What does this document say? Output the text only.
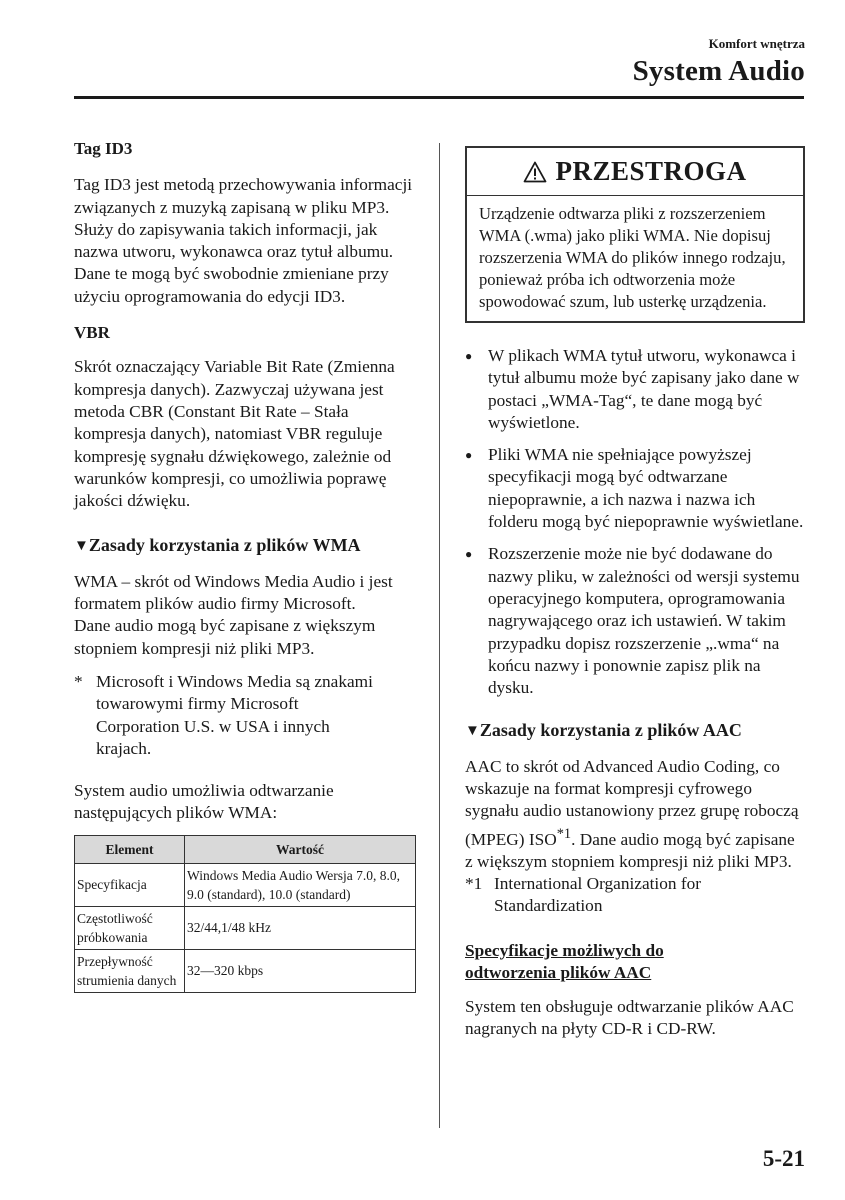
Komfort wnętrza
System Audio

Tag ID3

Tag ID3 jest metodą przechowywania informacji związanych z muzyką zapisaną w pliku MP3. Służy do zapisywania takich informacji, jak nazwa utworu, wykonawca oraz tytuł albumu. Dane te mogą być swobodnie zmieniane przy użyciu oprogramowania do edycji ID3.

VBR

Skrót oznaczający Variable Bit Rate (Zmienna kompresja danych). Zazwyczaj używana jest metoda CBR (Constant Bit Rate – Stała kompresja danych), natomiast VBR reguluje kompresję sygnału dźwiękowego, zależnie od warunków kompresji, co umożliwia poprawę jakości dźwięku.

▼Zasady korzystania z plików WMA

WMA – skrót od Windows Media Audio i jest formatem plików audio firmy Microsoft.

Dane audio mogą być zapisane z większym stopniem kompresji niż pliki MP3.

* Microsoft i Windows Media są znakami towarowymi firmy Microsoft Corporation U.S. w USA i innych krajach.

System audio umożliwia odtwarzanie następujących plików WMA:

Element	Wartość
Specyfikacja	Windows Media Audio Wersja 7.0, 8.0, 9.0 (standard), 10.0 (standard)
Częstotliwość próbkowania	32/44,1/48 kHz
Przepływność strumienia danych	32—320 kbps
PRZESTROGA
Urządzenie odtwarza pliki z rozszerzeniem WMA (.wma) jako pliki WMA. Nie dopisuj rozszerzenia WMA do plików innego rodzaju, ponieważ próba ich odtworzenia może spowodować szum, lub usterkę urządzenia.
● W plikach WMA tytuł utworu, wykonawca i tytuł albumu może być zapisany jako dane w postaci „WMA-Tag“, te dane mogą być wyświetlone.
● Pliki WMA nie spełniające powyższej specyfikacji mogą być odtwarzane niepoprawnie, a ich nazwa i nazwa ich folderu mogą być niepoprawnie wyświetlane.
● Rozszerzenie może nie być dodawane do nazwy pliku, w zależności od wersji systemu operacyjnego komputera, oprogramowania nagrywającego oraz ich ustawień. W takim przypadku dopisz rozszerzenie „.wma“ na końcu nazwy i ponownie zapisz plik na dysku.

▼Zasady korzystania z plików AAC

AAC to skrót od Advanced Audio Coding, co wskazuje na format kompresji cyfrowego sygnału audio ustanowiony przez grupę roboczą (MPEG) ISO$^{*1}$. Dane audio mogą być zapisane z większym stopniem kompresji niż pliki MP3.

*1 International Organization for Standardization

Specyfikacje możliwych do odtworzenia plików AAC

System ten obsługuje odtwarzanie plików AAC nagranych na płyty CD-R i CD-RW.

5-21
